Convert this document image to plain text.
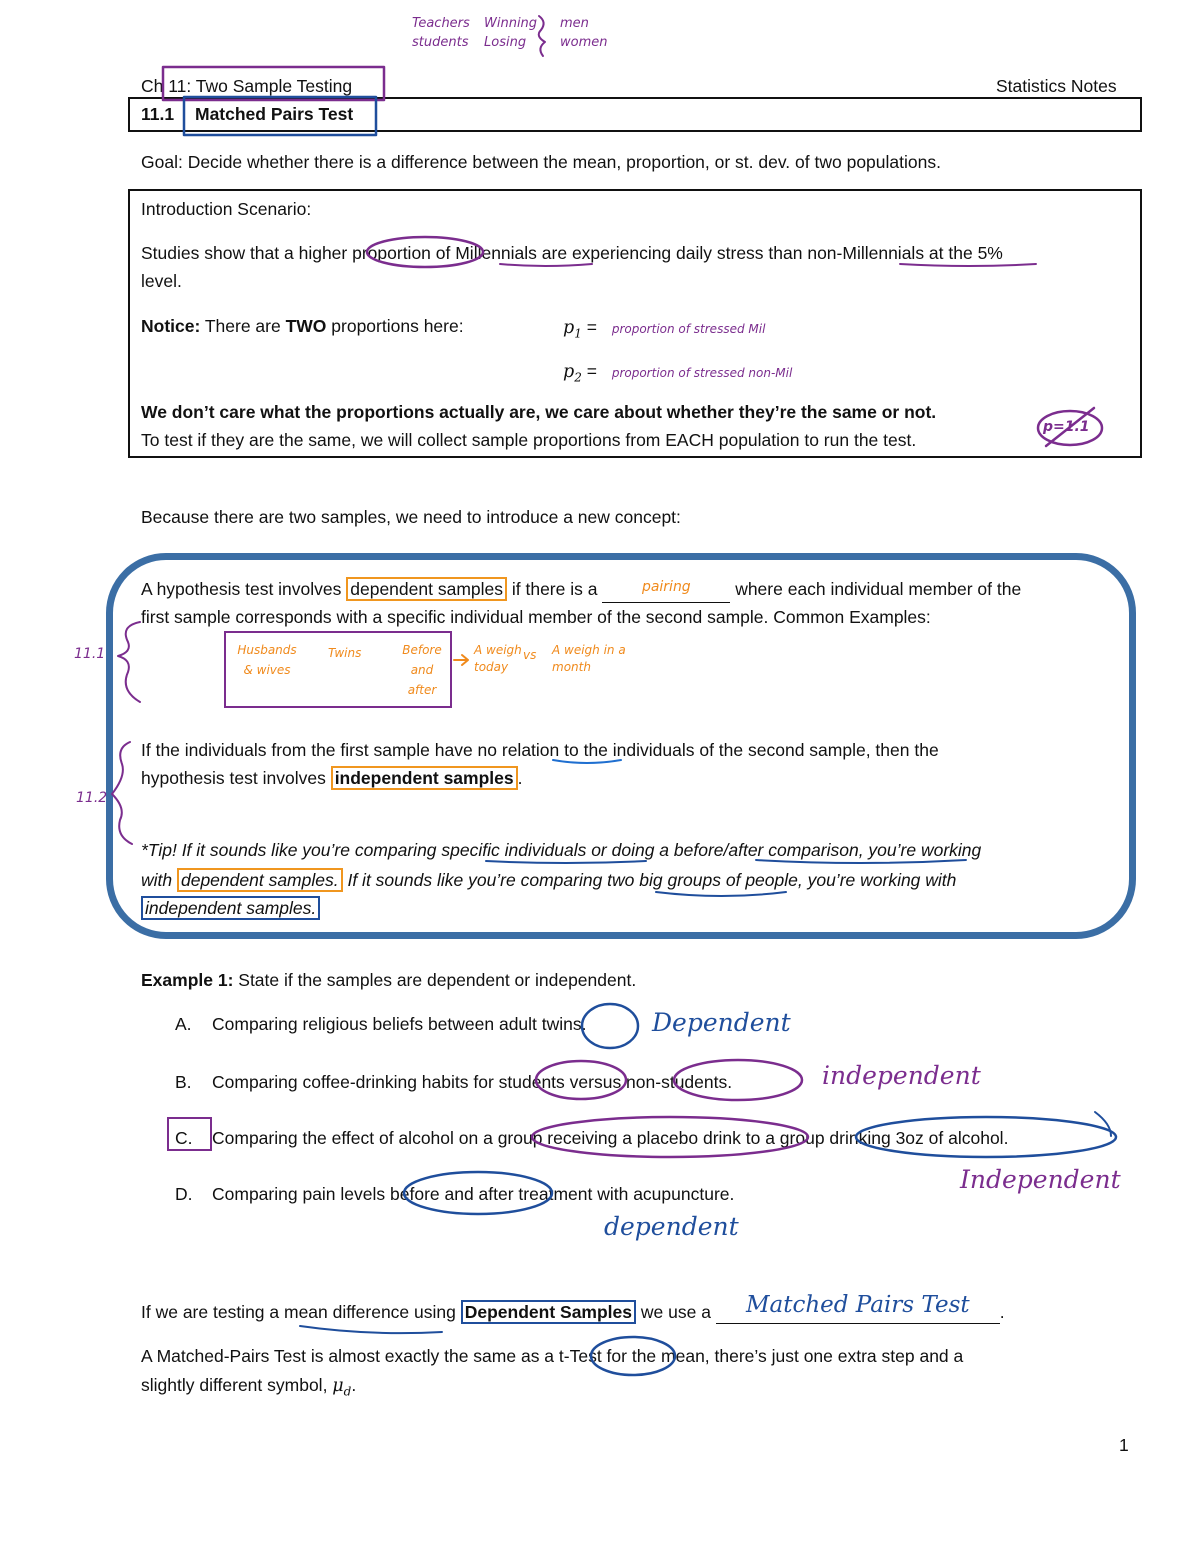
Teachers
students
Winning
Losing
men
women
Ch 11: Two Sample Testing	Statistics Notes
11.1 Matched Pairs Test
Goal: Decide whether there is a difference between the mean, proportion, or st. dev. of two populations.
Introduction Scenario:
Studies show that a higher proportion of Millennials are experiencing daily stress than non-Millennials at the 5%
level.
Notice: There are TWO proportions here:	$p_1$ = proportion of stressed Mil
$p_2$ = proportion of stressed non-Mil
We don’t care what the proportions actually are, we care about whether they’re the same or not.
To test if they are the same, we will collect sample proportions from EACH population to run the test.
p=1.1
Because there are two samples, we need to introduce a new concept:
A hypothesis test involves dependent samples if there is a	$^{pairing}$ where each individual member of the
first sample corresponds with a specific individual member of the second sample. Common Examples:
Husbands & wives
Twins	Before and after
A weigh today
vs A weigh in a month
11.1
11.2
If the individuals from the first sample have no relation to the individuals of the second sample, then the
hypothesis test involves independent samples .
*Tip! If it sounds like you’re comparing specific individuals or doing a before/after comparison, you’re working
with dependent samples. If it sounds like you’re comparing two big groups of people, you’re working with
independent samples.
Example 1: State if the samples are dependent or independent.
A. Comparing religious beliefs between adult twins.	Dependent
B. Comparing coffee-drinking habits for students versus non-students.	independent
C. Comparing the effect of alcohol on a group receiving a placebo drink to a group drinking 3oz of alcohol.
Independent
D. Comparing pain levels before and after treatment with acupuncture.
dependent
If we are testing a mean difference using Dependent Samples we use a Matched Pairs Test .
A Matched-Pairs Test is almost exactly the same as a t-Test for the mean, there’s just one extra step and a
slightly different symbol, $\mu_d$.
1
